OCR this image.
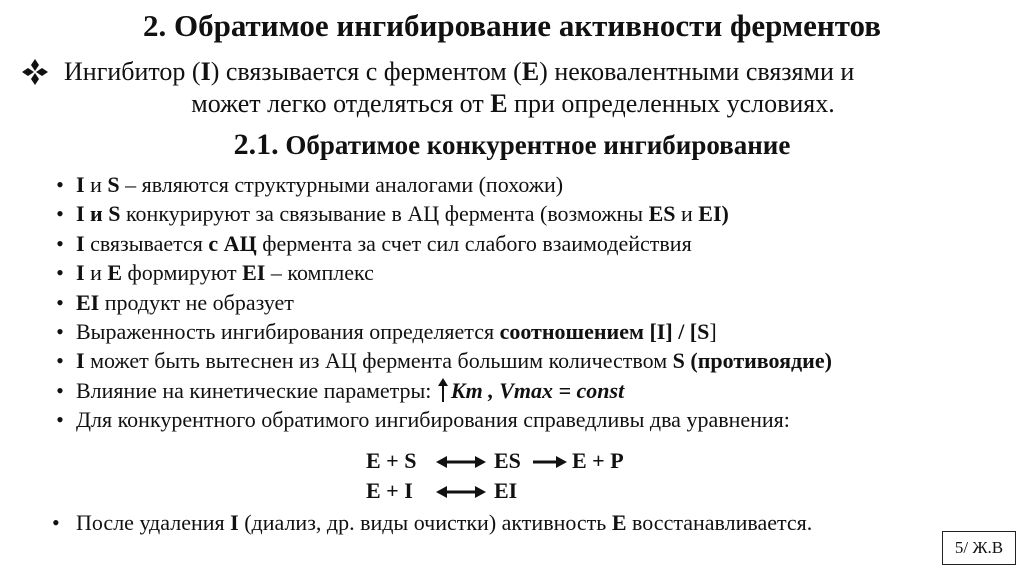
2. Обратимое ингибирование активности ферментов
Ингибитор (I) связывается с ферментом (Е) нековалентными связями и
может легко отделяться от Е при определенных условиях.
2.1. Обратимое конкурентное ингибирование
• I и S – являются структурными аналогами (похожи)
• I и S конкурируют за связывание в АЦ фермента (возможны ES и EI)
• I связывается с АЦ фермента за счет сил слабого взаимодействия
• I и E формируют EI – комплекс
• EI продукт не образует
• Выраженность ингибирования определяется соотношением [I] / [S]
• I может быть вытеснен из АЦ фермента большим количеством S (противоядие)
• Влияние на кинетические параметры: Km , Vmax = const
• Для конкурентного обратимого ингибирования справедливы два уравнения:
E + S	ES E + P
E + I	EI
• После удаления I (диализ, др. виды очистки) активность Е восстанавливается.
5/ Ж.В
